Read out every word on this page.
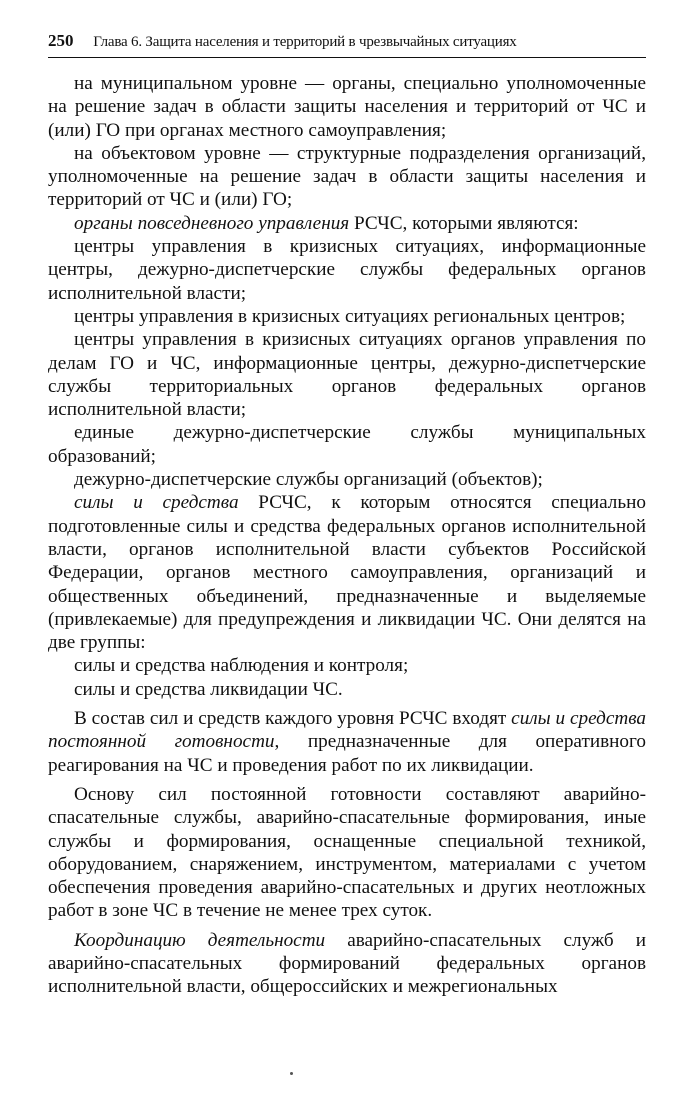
250 Глава 6. Защита населения и территорий в чрезвычайных ситуациях

на муниципальном уровне — органы, специально уполномоченные на решение задач в области защиты населения и территорий от ЧС и (или) ГО при органах местного самоуправления;

на объектовом уровне — структурные подразделения организаций, уполномоченные на решение задач в области защиты населения и территорий от ЧС и (или) ГО;

органы повседневного управления РСЧС, которыми являются:

центры управления в кризисных ситуациях, информационные центры, дежурно-диспетчерские службы федеральных органов исполнительной власти;

центры управления в кризисных ситуациях региональных центров;

центры управления в кризисных ситуациях органов управления по делам ГО и ЧС, информационные центры, дежурно-диспетчерские службы территориальных органов федеральных органов исполнительной власти;

единые дежурно-диспетчерские службы муниципальных образований;

дежурно-диспетчерские службы организаций (объектов);

силы и средства РСЧС, к которым относятся специально подготовленные силы и средства федеральных органов исполнительной власти, органов исполнительной власти субъектов Российской Федерации, органов местного самоуправления, организаций и общественных объединений, предназначенные и выделяемые (привлекаемые) для предупреждения и ликвидации ЧС. Они делятся на две группы:

силы и средства наблюдения и контроля;

силы и средства ликвидации ЧС.

В состав сил и средств каждого уровня РСЧС входят силы и средства постоянной готовности, предназначенные для оперативного реагирования на ЧС и проведения работ по их ликвидации.

Основу сил постоянной готовности составляют аварийно-спасательные службы, аварийно-спасательные формирования, иные службы и формирования, оснащенные специальной техникой, оборудованием, снаряжением, инструментом, материалами с учетом обеспечения проведения аварийно-спасательных и других неотложных работ в зоне ЧС в течение не менее трех суток.

Координацию деятельности аварийно-спасательных служб и аварийно-спасательных формирований федеральных органов исполнительной власти, общероссийских и межрегиональных
